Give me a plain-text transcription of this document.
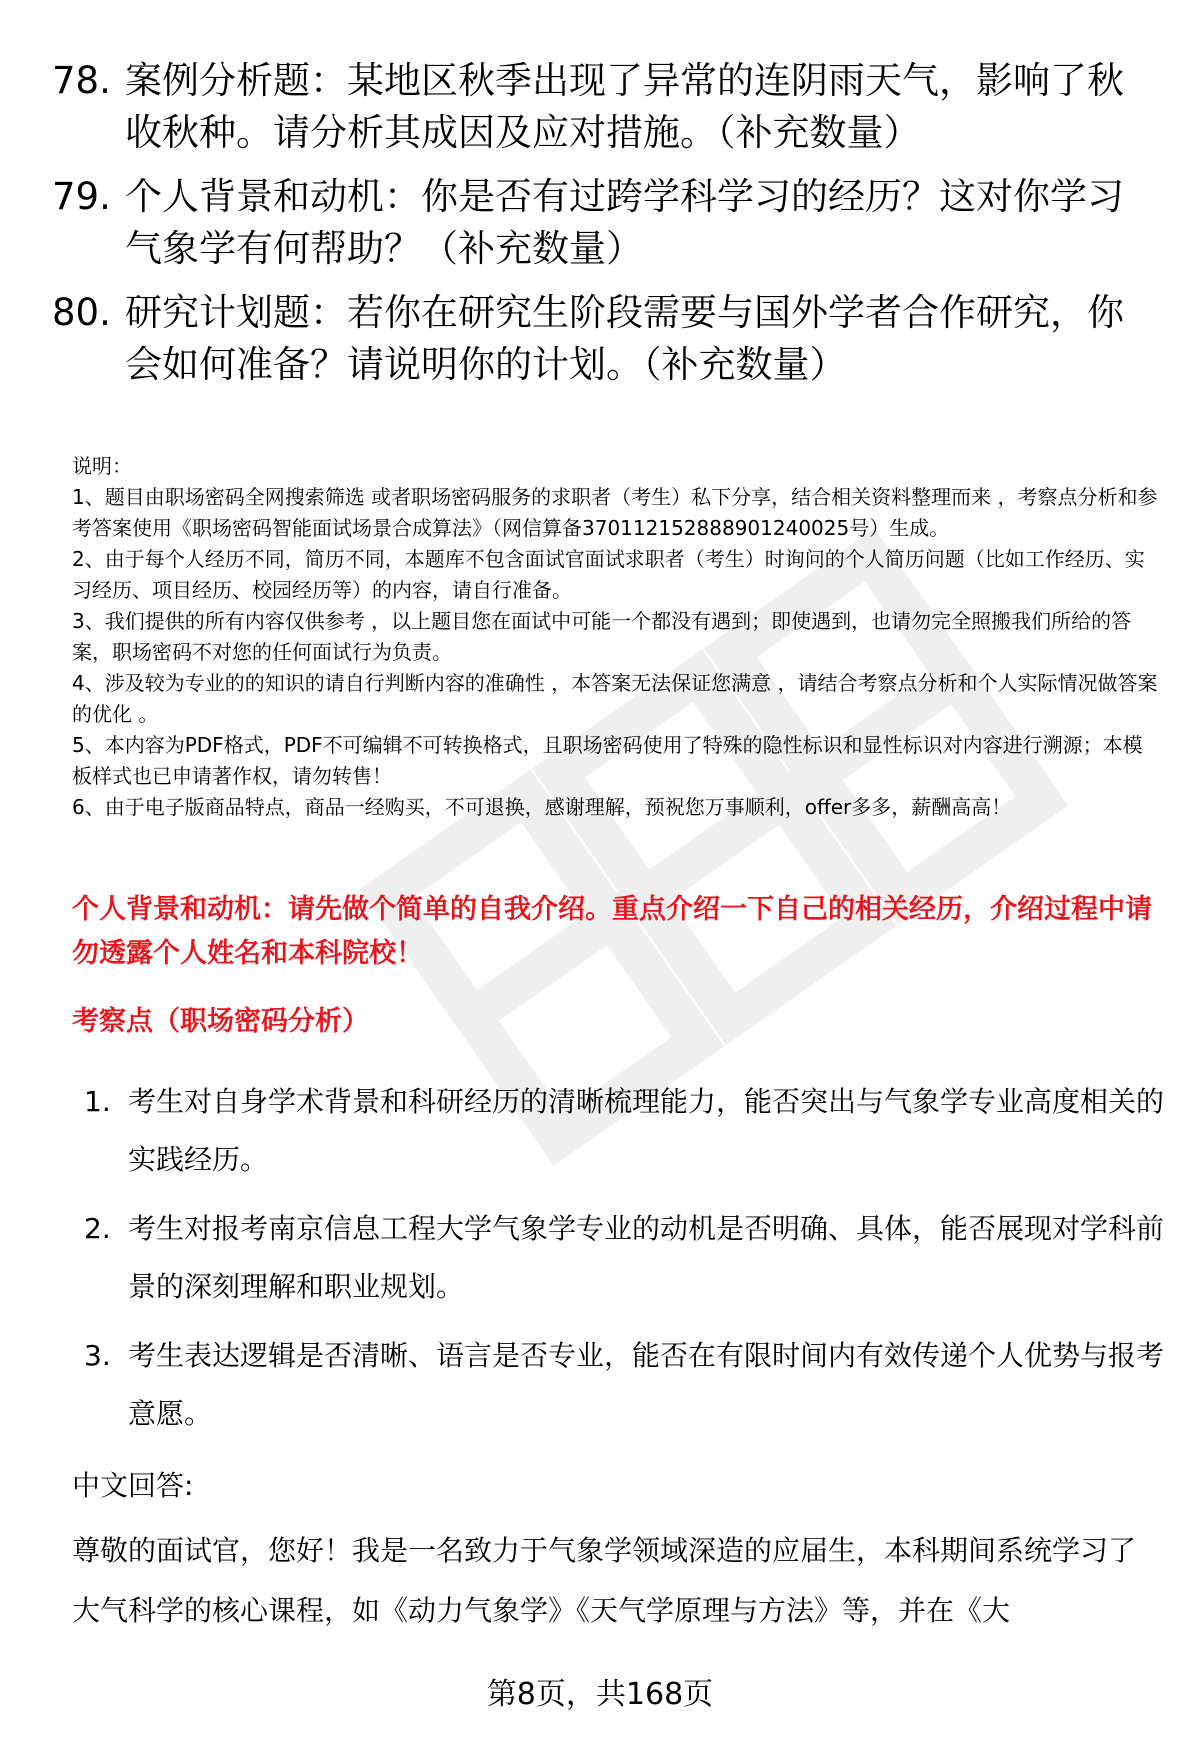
78. 案例分析题：某地区秋季出现了异常的连阴雨天气，影响了秋收秋种。请分析其成因及应对措施。（补充数量）
79. 个人背景和动机：你是否有过跨学科学习的经历？这对你学习气象学有何帮助？（补充数量）
80. 研究计划题：若你在研究生阶段需要与国外学者合作研究，你会如何准备？请说明你的计划。（补充数量）

说明：

1、题目由职场密码全网搜索筛选 或者职场密码服务的求职者（考生）私下分享，结合相关资料整理而来 ，考察点分析和参考答案使用《职场密码智能面试场景合成算法》（网信算备370112152888901240025号）生成。

2、由于每个人经历不同，简历不同，本题库不包含面试官面试求职者（考生）时询问的个人简历问题（比如工作经历、实习经历、项目经历、校园经历等）的内容，请自行准备。

3、我们提供的所有内容仅供参考 ，以上题目您在面试中可能一个都没有遇到；即使遇到，也请勿完全照搬我们所给的答案，职场密码不对您的任何面试行为负责。

4、涉及较为专业的的知识的请自行判断内容的准确性 ，本答案无法保证您满意 ，请结合考察点分析和个人实际情况做答案的优化 。

5、本内容为PDF格式，PDF不可编辑不可转换格式，且职场密码使用了特殊的隐性标识和显性标识对内容进行溯源；本模板样式也已申请著作权，请勿转售！

6、由于电子版商品特点，商品一经购买，不可退换，感谢理解，预祝您万事顺利，offer多多，薪酬高高！

个人背景和动机：请先做个简单的自我介绍。重点介绍一下自己的相关经历，介绍过程中请勿透露个人姓名和本科院校！
考察点（职场密码分析）
1. 考生对自身学术背景和科研经历的清晰梳理能力，能否突出与气象学专业高度相关的实践经历。
2. 考生对报考南京信息工程大学气象学专业的动机是否明确、具体，能否展现对学科前景的深刻理解和职业规划。
3. 考生表达逻辑是否清晰、语言是否专业，能否在有限时间内有效传递个人优势与报考意愿。
中文回答:
尊敬的面试官，您好！我是一名致力于气象学领域深造的应届生，本科期间系统学习了大气科学的核心课程，如《动力气象学》《天气学原理与方法》等，并在《大
第8页，共168页
